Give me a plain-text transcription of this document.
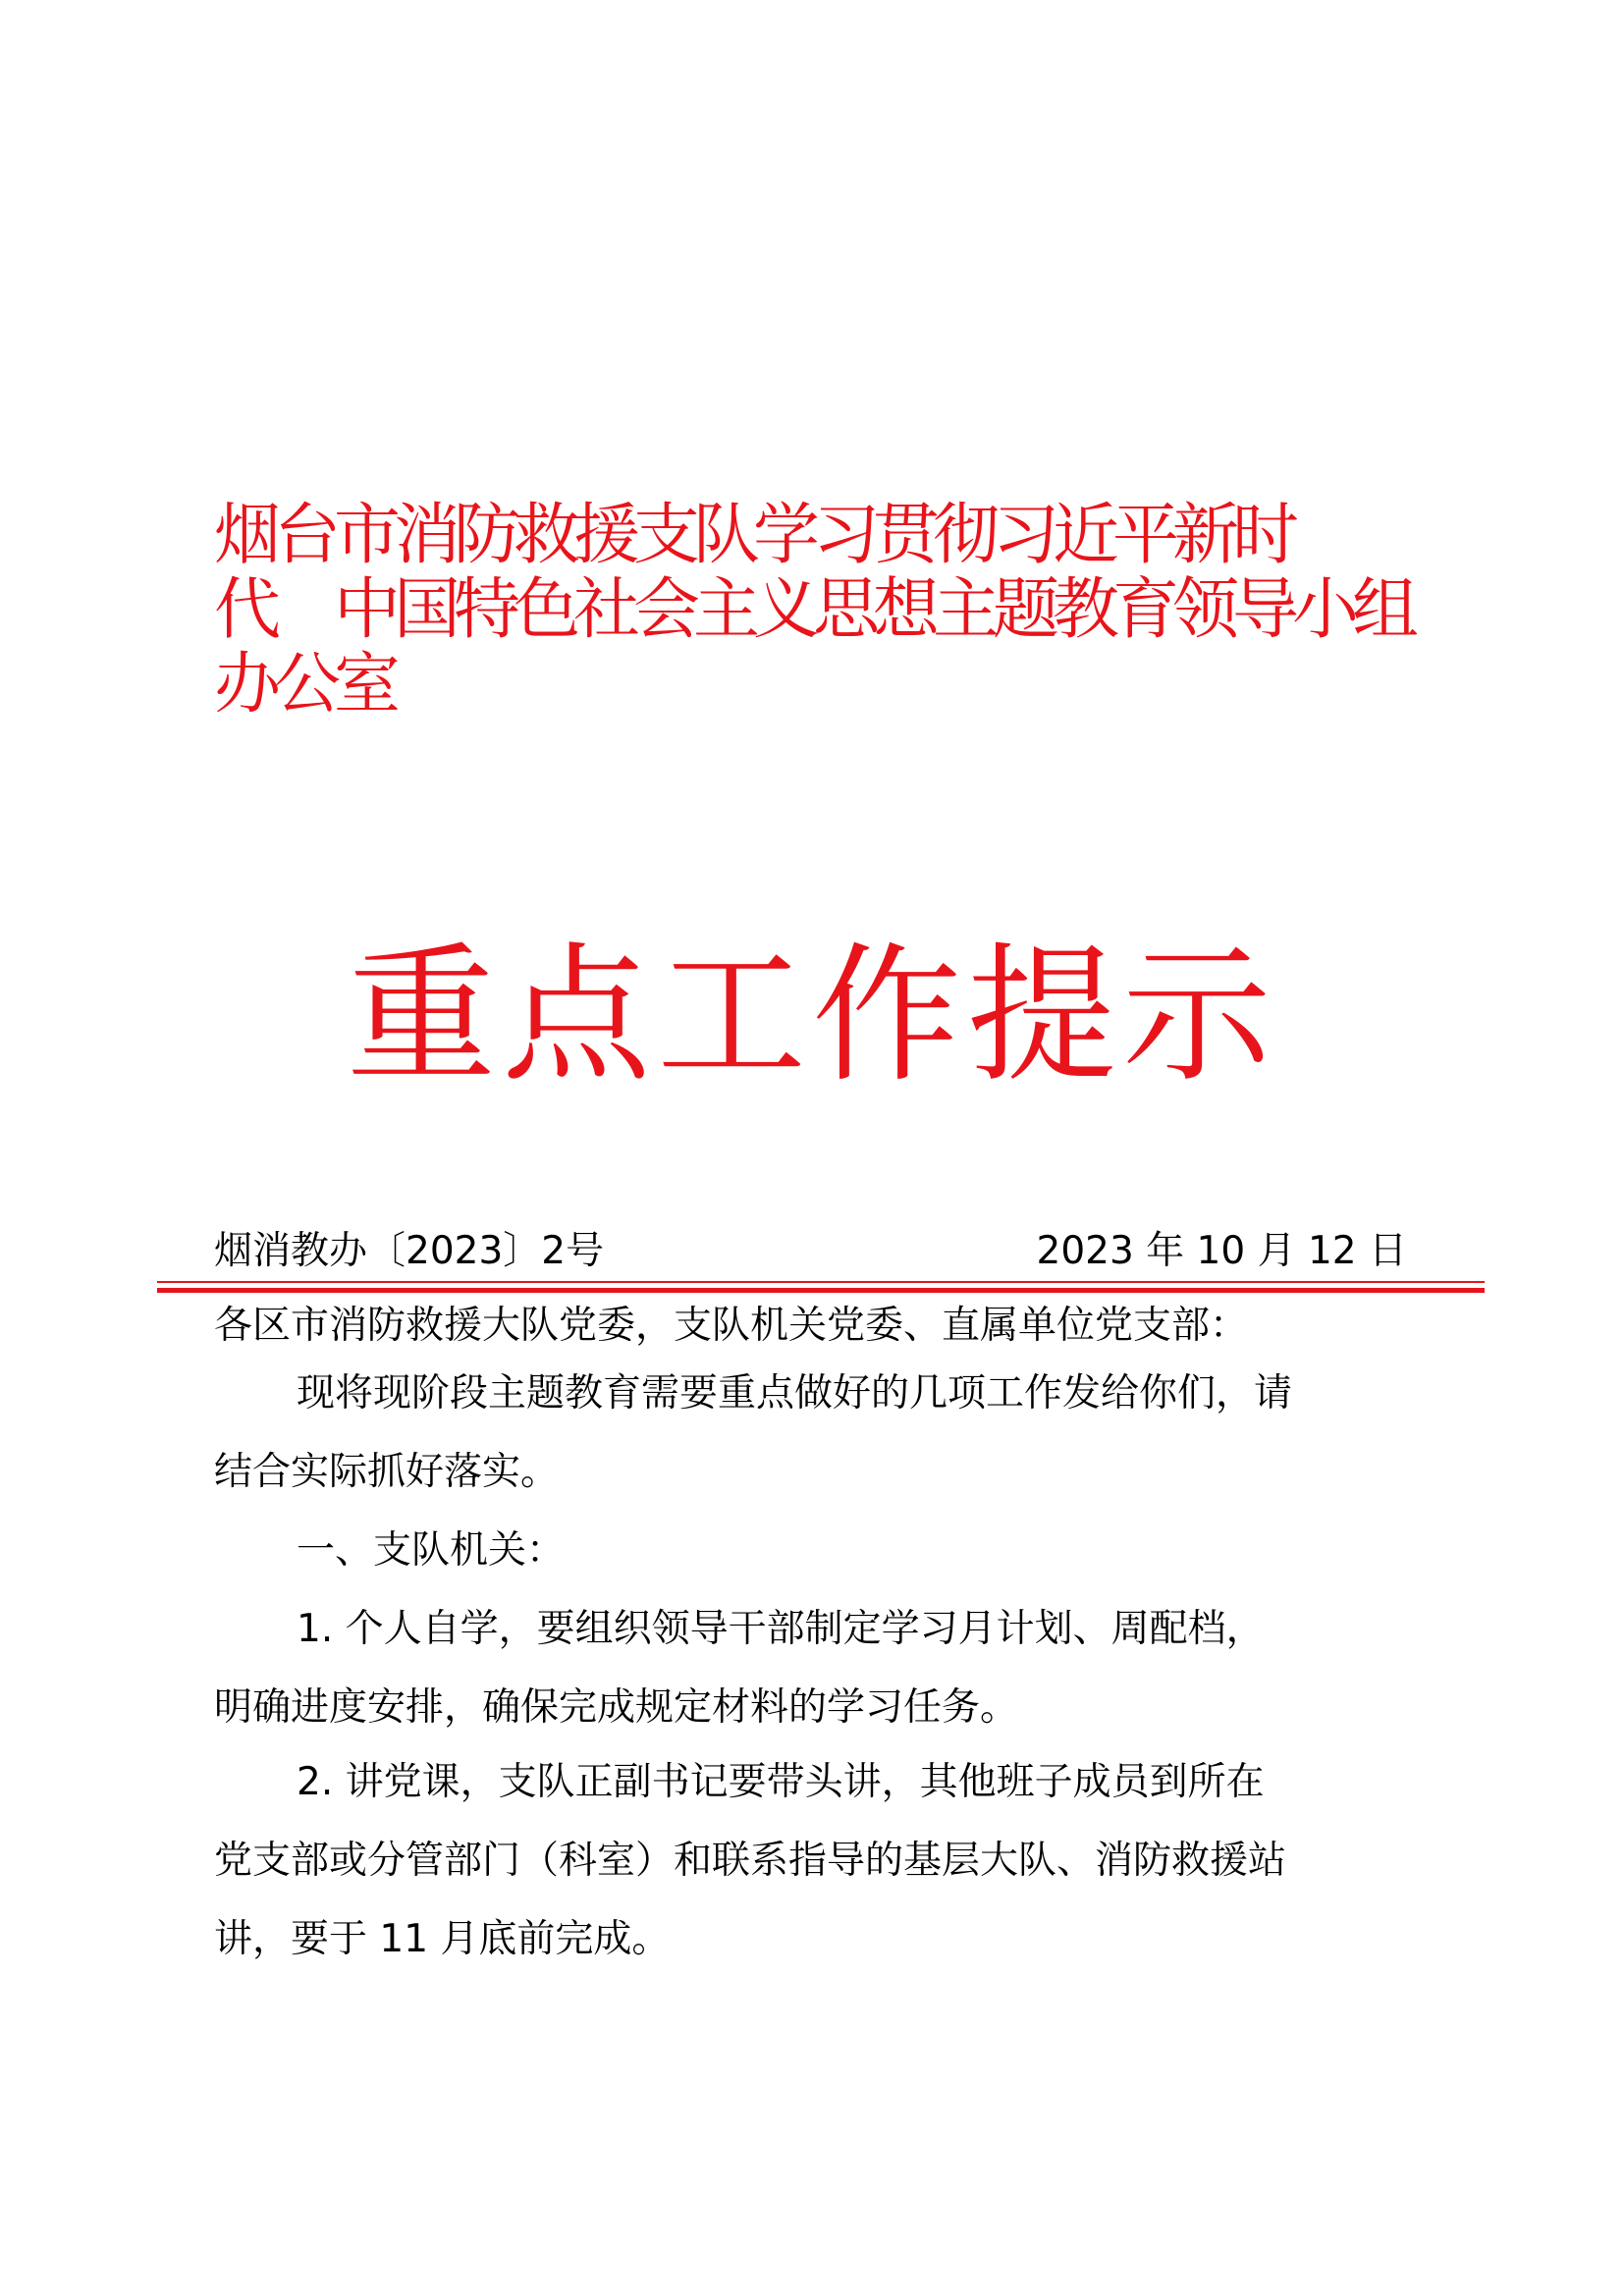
烟台市消防救援支队学习贯彻习近平新时
代　中国特色社会主义思想主题教育领导小组
办公室
重点工作提示
烟消教办〔2023〕2号	2023 年 10 月 12 日

各区市消防救援大队党委，支队机关党委、直属单位党支部：

现将现阶段主题教育需要重点做好的几项工作发给你们，请
结合实际抓好落实。

一、支队机关：

1. 个人自学，要组织领导干部制定学习月计划、周配档，
明确进度安排，确保完成规定材料的学习任务。

2. 讲党课，支队正副书记要带头讲，其他班子成员到所在
党支部或分管部门（科室）和联系指导的基层大队、消防救援站
讲，要于 11 月底前完成。
